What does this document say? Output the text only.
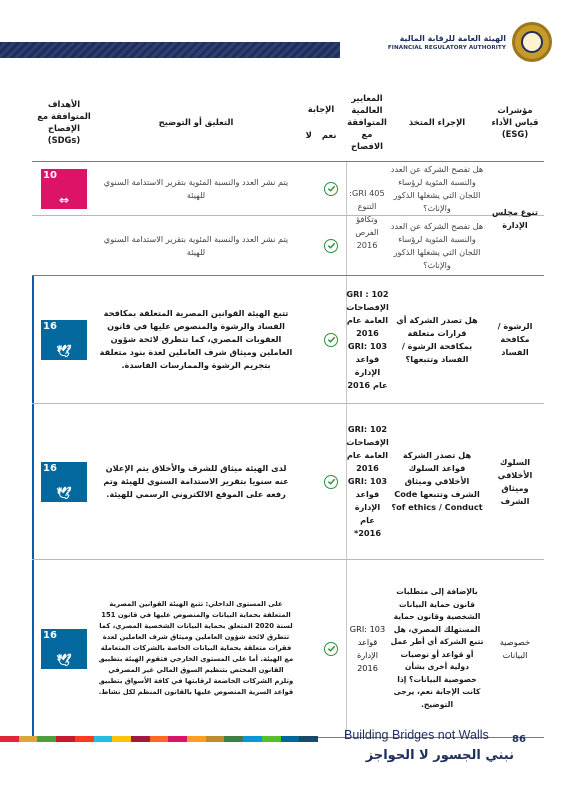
الهيئة العامة للرقابة المالية
FINANCIAL REGULATORY AUTHORITY
مؤشرات قياس الأداء (ESG)
الإجراء المتخذ
المعايير العالمية المتوافقة مع الافصاح
الإجابة
نعم
لا
التعليق أو التوضيح
الأهداف المتوافقة مع الإفصاح (SDGs)
هل تفصح الشركة عن العدد والنسبة المئوية لرؤساء اللجان التي يشغلها الذكور والإناث؟
يتم نشر العدد والنسبة المئوية بتقرير الاستدامة السنوي للهيئة
10
⇔
هل تفصح الشركة عن العدد والنسبة المئوية لرؤساء اللجان التي يشغلها الذكور والإناث؟
يتم نشر العدد والنسبة المئوية بتقرير الاستدامة السنوي للهيئة
تنوع مجلس الإدارة
GRI 405: التنوع وتكافؤ الفرص 2016
الرشوة / مكافحة الفساد
هل تصدر الشركة أي قرارات متعلقة بمكافحة الرشوة / الفساد وتتبعها؟
GRI : 102 الإفصاحات العامة عام 2016 GRI: 103 قواعد الإدارة عام 2016
تتبع الهيئة القوانين المصرية المتعلقة بمكافحة الفساد والرشوة والمنصوص عليها في قانون العقوبات المصري، كما تتطرق لائحة شؤون العاملين وميثاق شرف العاملين لعدة بنود متعلقة بتجريم الرشوة والممارسات الفاسدة.
16
🕊
السلوك الأخلاقي وميثاق الشرف
هل تصدر الشركة قواعد السلوك الأخلاقي وميثاق الشرف وتتبعها Code of ethics / Conduct؟
GRI: 102 الإفصاحات العامة عام 2016 GRI: 103 قواعد الإدارة عام 2016*
لدى الهيئة ميثاق للشرف والأخلاق يتم الإعلان عنه سنويا بتقرير الاستدامة السنوي للهيئة وتم رفعه على الموقع الالكتروني الرسمي للهيئة.
16
🕊
خصوصية البيانات
بالإضافة إلى متطلبات قانون حماية البيانات الشخصية وقانون حماية المستهلك المصري، هل تتبع الشركة أي أطر عمل أو قواعد أو توصيات دولية أخرى بشأن خصوصية البيانات؟ إذا كانت الإجابة نعم، يرجى التوضيح.
GRI: 103 قواعد الإدارة 2016
على المستوى الداخلي: تتبع الهيئة القوانين المصرية المتعلقة بحماية البيانات والمنصوص عليها في قانون 151 لسنة 2020 المتعلق بحماية البيانات الشخصية المصري، كما تتطرق لائحة شؤون العاملين وميثاق شرف العاملين لعدة فقرات متعلقة بحماية البيانات الخاصة بالشركات المتعاملة مع الهيئة. أما على المستوى الخارجي فتقوم الهيئة بتطبيق القانون المختص بتنظيم السوق المالي غير المصرفي وتلزم الشركات الخاضعة لرقابتها في كافة الأسواق بتطبيق قواعد السرية المنصوص عليها بالقانون المنظم لكل نشاط.
16
🕊
Building Bridges not Walls 86
نبني الجسور لا الحواجز
